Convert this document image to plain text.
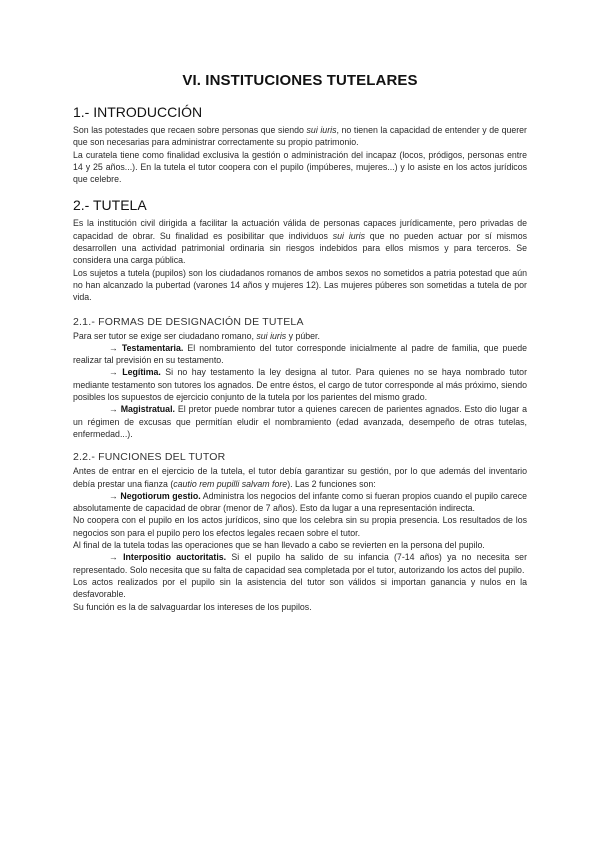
VI. INSTITUCIONES TUTELARES
1.- INTRODUCCIÓN

Son las potestades que recaen sobre personas que siendo sui iuris, no tienen la capacidad de entender y de querer que son necesarias para administrar correctamente su propio patrimonio.

La curatela tiene como finalidad exclusiva la gestión o administración del incapaz (locos, pródigos, personas entre 14 y 25 años...). En la tutela el tutor coopera con el pupilo (impúberes, mujeres...) y lo asiste en los actos jurídicos que celebre.

2.- TUTELA

Es la institución civil dirigida a facilitar la actuación válida de personas capaces jurídicamente, pero privadas de capacidad de obrar. Su finalidad es posibilitar que individuos sui iuris que no pueden actuar por sí mismos desarrollen una actividad patrimonial ordinaria sin riesgos indebidos para ellos mismos y para terceros. Se considera una carga pública.

Los sujetos a tutela (pupilos) son los ciudadanos romanos de ambos sexos no sometidos a patria potestad que aún no han alcanzado la pubertad (varones 14 años y mujeres 12). Las mujeres púberes son sometidas a tutela de por vida.

2.1.- FORMAS DE DESIGNACIÓN DE TUTELA

Para ser tutor se exige ser ciudadano romano, sui iuris y púber.

→ Testamentaria. El nombramiento del tutor corresponde inicialmente al padre de familia, que puede realizar tal previsión en su testamento.

→ Legítima. Si no hay testamento la ley designa al tutor. Para quienes no se haya nombrado tutor mediante testamento son tutores los agnados. De entre éstos, el cargo de tutor corresponde al más próximo, siendo posibles los supuestos de ejercicio conjunto de la tutela por los parientes del mismo grado.

→ Magistratual. El pretor puede nombrar tutor a quienes carecen de parientes agnados. Esto dio lugar a un régimen de excusas que permitían eludir el nombramiento (edad avanzada, desempeño de otras tutelas, enfermedad...).

2.2.- FUNCIONES DEL TUTOR

Antes de entrar en el ejercicio de la tutela, el tutor debía garantizar su gestión, por lo que además del inventario debía prestar una fianza (cautio rem pupilli salvam fore). Las 2 funciones son:

→ Negotiorum gestio. Administra los negocios del infante como si fueran propios cuando el pupilo carece absolutamente de capacidad de obrar (menor de 7 años). Esto da lugar a una representación indirecta.

No coopera con el pupilo en los actos jurídicos, sino que los celebra sin su propia presencia. Los resultados de los negocios son para el pupilo pero los efectos legales recaen sobre el tutor.

Al final de la tutela todas las operaciones que se han llevado a cabo se revierten en la persona del pupilo.

→ Interpositio auctoritatis. Si el pupilo ha salido de su infancia (7-14 años) ya no necesita ser representado. Solo necesita que su falta de capacidad sea completada por el tutor, autorizando los actos del pupilo.

Los actos realizados por el pupilo sin la asistencia del tutor son válidos si importan ganancia y nulos en la desfavorable.

Su función es la de salvaguardar los intereses de los pupilos.
